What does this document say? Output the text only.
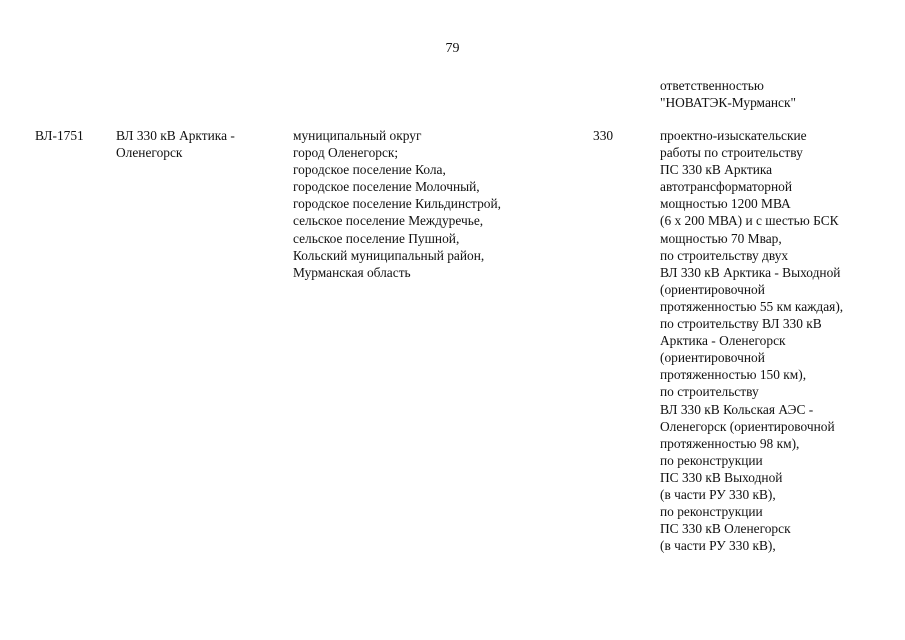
79
ответственностью
"НОВАТЭК-Мурманск"
ВЛ-1751 ВЛ 330 кВ Арктика -
Оленегорск
муниципальный округ
город Оленегорск;
городское поселение Кола,
городское поселение Молочный,
городское поселение Кильдинстрой,
сельское поселение Междуречье,
сельское поселение Пушной,
Кольский муниципальный район,
Мурманская область
330	проектно-изыскательские
работы по строительству
ПС 330 кВ Арктика
автотрансформаторной
мощностью 1200 МВА
(6 x 200 МВА) и с шестью БСК
мощностью 70 Мвар,
по строительству двух
ВЛ 330 кВ Арктика - Выходной
(ориентировочной
протяженностью 55 км каждая),
по строительству ВЛ 330 кВ
Арктика - Оленегорск
(ориентировочной
протяженностью 150 км),
по строительству
ВЛ 330 кВ Кольская АЭС -
Оленегорск (ориентировочной
протяженностью 98 км),
по реконструкции
ПС 330 кВ Выходной
(в части РУ 330 кВ),
по реконструкции
ПС 330 кВ Оленегорск
(в части РУ 330 кВ),
